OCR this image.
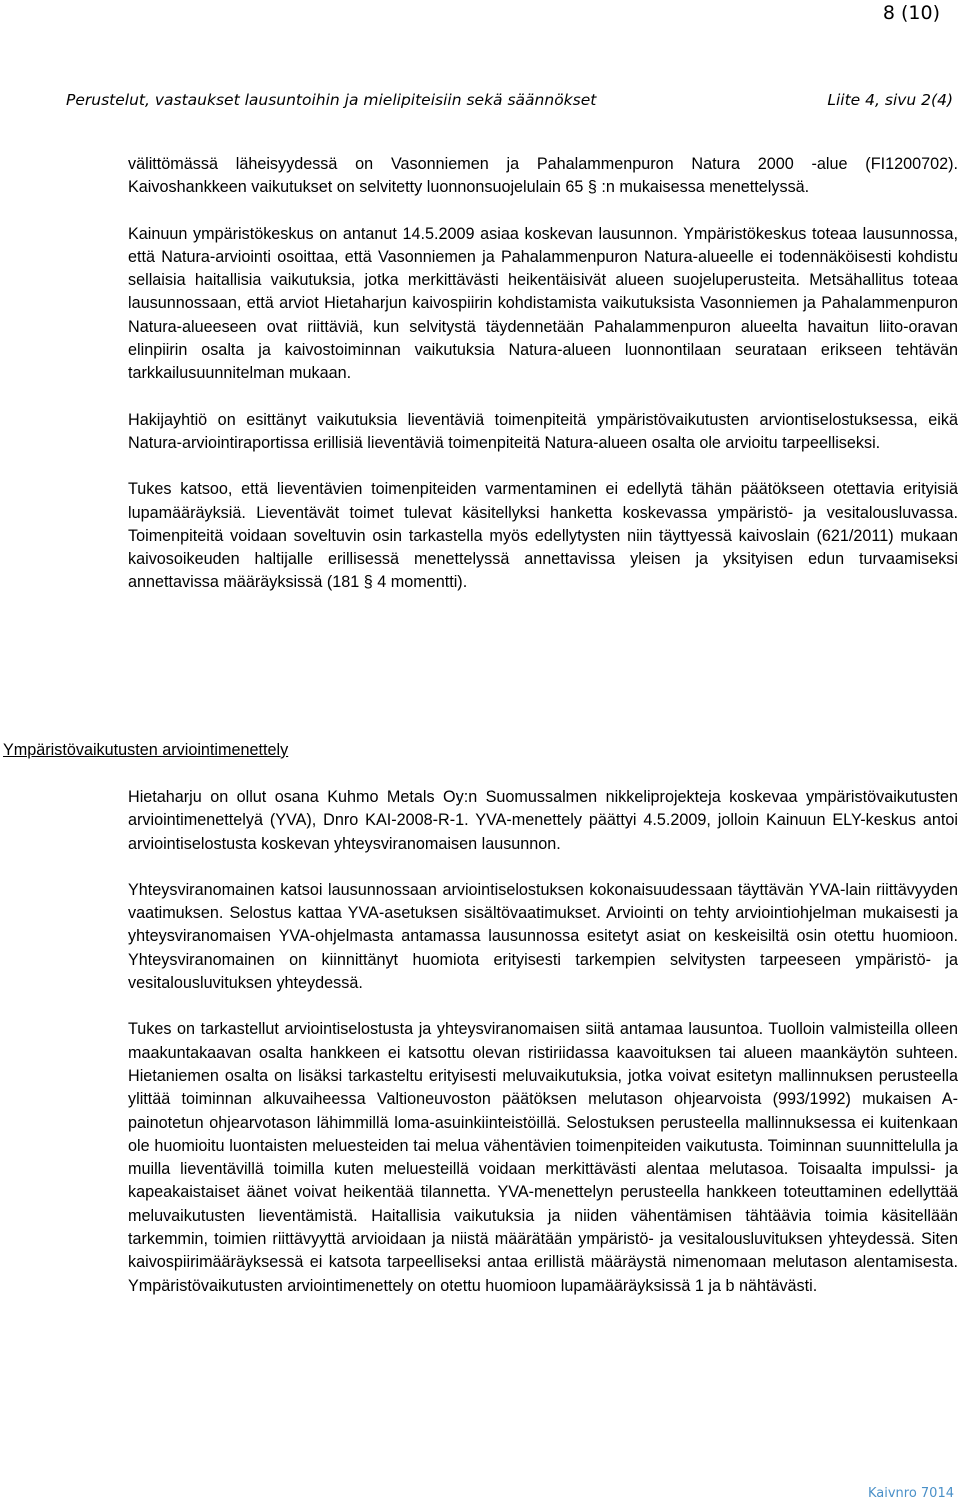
8 (10)
Perustelut, vastaukset lausuntoihin ja mielipiteisiin sekä säännökset	Liite 4, sivu 2(4)

välittömässä läheisyydessä on Vasonniemen ja Pahalammenpuron Natura 2000 -alue (FI1200702). Kaivoshankkeen vaikutukset on selvitetty luonnonsuojelulain 65 § :n mukaisessa menettelyssä.

Kainuun ympäristökeskus on antanut 14.5.2009 asiaa koskevan lausunnon. Ympäristökeskus toteaa lausunnossa, että Natura-arviointi osoittaa, että Vasonniemen ja Pahalammenpuron Natura-alueelle ei todennäköisesti kohdistu sellaisia haitallisia vaikutuksia, jotka merkittävästi heikentäisivät alueen suojeluperusteita. Metsähallitus toteaa lausunnossaan, että arviot Hietaharjun kaivospiirin kohdistamista vaikutuksista Vasonniemen ja Pahalammenpuron Natura-alueeseen ovat riittäviä, kun selvitystä täydennetään Pahalammenpuron alueelta havaitun liito-oravan elinpiirin osalta ja kaivostoiminnan vaikutuksia Natura-alueen luonnontilaan seurataan erikseen tehtävän tarkkailusuunnitelman mukaan.

Hakijayhtiö on esittänyt vaikutuksia lieventäviä toimenpiteitä ympäristövaikutusten arviontiselostuksessa, eikä Natura-arviointiraportissa erillisiä lieventäviä toimenpiteitä Natura-alueen osalta ole arvioitu tarpeelliseksi.

Tukes katsoo, että lieventävien toimenpiteiden varmentaminen ei edellytä tähän päätökseen otettavia erityisiä lupamääräyksiä. Lieventävät toimet tulevat käsitellyksi hanketta koskevassa ympäristö- ja vesitalousluvassa. Toimenpiteitä voidaan soveltuvin osin tarkastella myös edellytysten niin täyttyessä kaivoslain (621/2011) mukaan kaivosoikeuden haltijalle erillisessä menettelyssä annettavissa yleisen ja yksityisen edun turvaamiseksi annettavissa määräyksissä (181 § 4 momentti).

Ympäristövaikutusten arviointimenettely

Hietaharju on ollut osana Kuhmo Metals Oy:n Suomussalmen nikkeliprojekteja koskevaa ympäristövaikutusten arviointimenettelyä (YVA), Dnro KAI-2008-R-1. YVA-menettely päättyi 4.5.2009, jolloin Kainuun ELY-keskus antoi arviointiselostusta koskevan yhteysviranomaisen lausunnon.

Yhteysviranomainen katsoi lausunnossaan arviointiselostuksen kokonaisuudessaan täyttävän YVA-lain riittävyyden vaatimuksen. Selostus kattaa YVA-asetuksen sisältövaatimukset. Arviointi on tehty arviointiohjelman mukaisesti ja yhteysviranomaisen YVA-ohjelmasta antamassa lausunnossa esitetyt asiat on keskeisiltä osin otettu huomioon. Yhteysviranomainen on kiinnittänyt huomiota erityisesti tarkempien selvitysten tarpeeseen ympäristö- ja vesitalousluvituksen yhteydessä.

Tukes on tarkastellut arviointiselostusta ja yhteysviranomaisen siitä antamaa lausuntoa. Tuolloin valmisteilla olleen maakuntakaavan osalta hankkeen ei katsottu olevan ristiriidassa kaavoituksen tai alueen maankäytön suhteen. Hietaniemen osalta on lisäksi tarkasteltu erityisesti meluvaikutuksia, jotka voivat esitetyn mallinnuksen perusteella ylittää toiminnan alkuvaiheessa Valtioneuvoston päätöksen melutason ohjearvoista (993/1992) mukaisen A-painotetun ohjearvotason lähimmillä loma-asuinkiinteistöillä. Selostuksen perusteella mallinnuksessa ei kuitenkaan ole huomioitu luontaisten meluesteiden tai melua vähentävien toimenpiteiden vaikutusta. Toiminnan suunnittelulla ja muilla lieventävillä toimilla kuten meluesteillä voidaan merkittävästi alentaa melutasoa. Toisaalta impulssi- ja kapeakaistaiset äänet voivat heikentää tilannetta. YVA-menettelyn perusteella hankkeen toteuttaminen edellyttää meluvaikutusten lieventämistä. Haitallisia vaikutuksia ja niiden vähentämisen tähtäävia toimia käsitellään tarkemmin, toimien riittävyyttä arvioidaan ja niistä määrätään ympäristö- ja vesitalousluvituksen yhteydessä. Siten kaivospiirimääräyksessä ei katsota tarpeelliseksi antaa erillistä määräystä nimenomaan melutason alentamisesta. Ympäristövaikutusten arviointimenettely on otettu huomioon lupamääräyksissä 1 ja b nähtävästi.

Kaivnro 7014
